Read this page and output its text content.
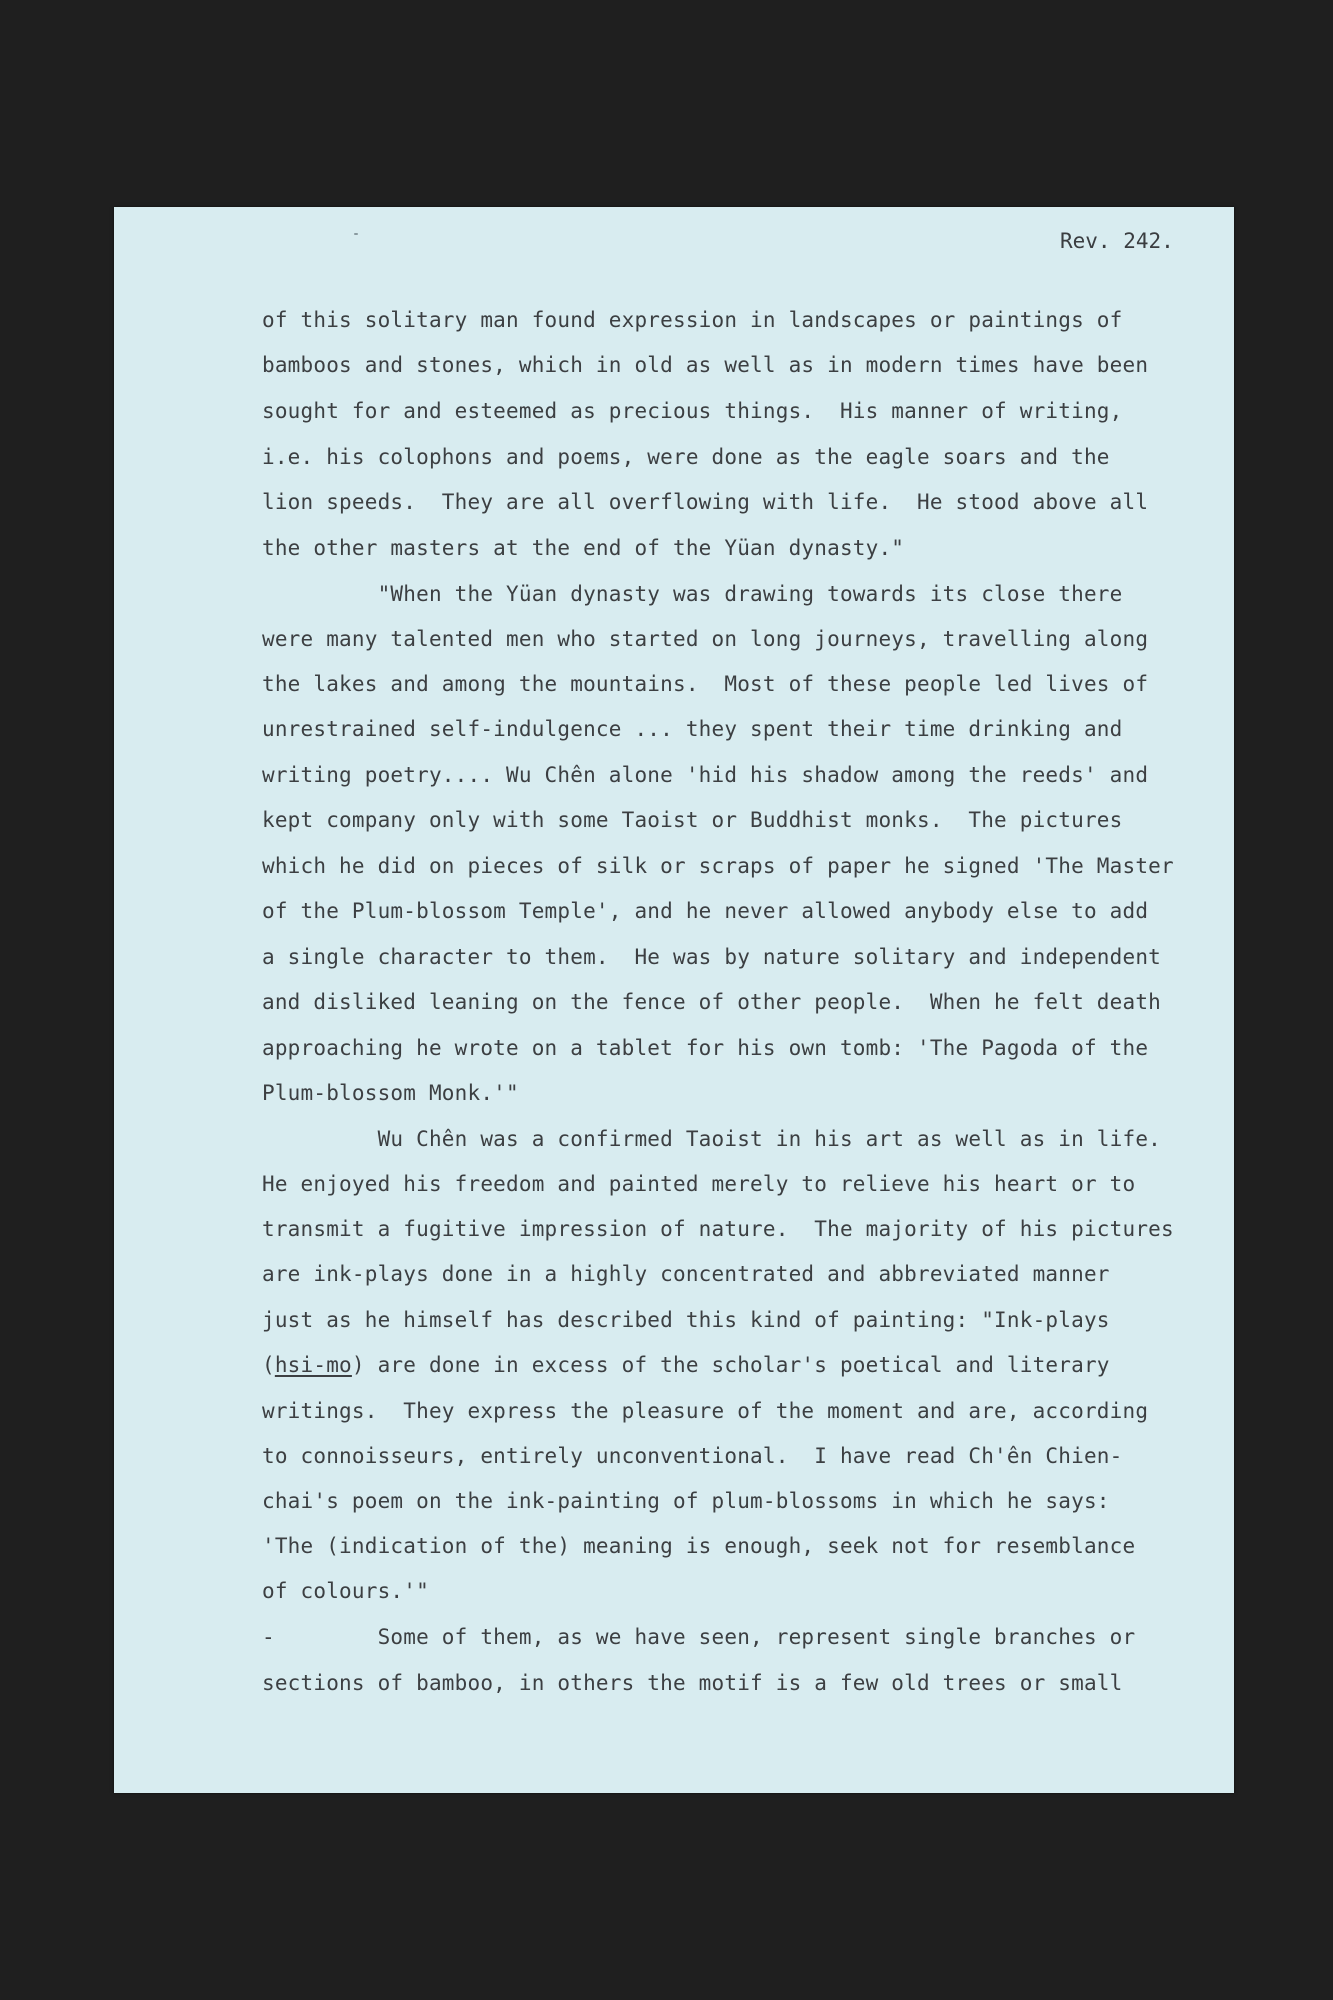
Rev. 242.
of this solitary man found expression in landscapes or paintings of
bamboos and stones, which in old as well as in modern times have been
sought for and esteemed as precious things.  His manner of writing,
i.e. his colophons and poems, were done as the eagle soars and the
lion speeds.  They are all overflowing with life.  He stood above all
the other masters at the end of the Yüan dynasty."
"When the Yüan dynasty was drawing towards its close there
were many talented men who started on long journeys, travelling along
the lakes and among the mountains.  Most of these people led lives of
unrestrained self-indulgence ... they spent their time drinking and
writing poetry.... Wu Chên alone 'hid his shadow among the reeds' and
kept company only with some Taoist or Buddhist monks.  The pictures
which he did on pieces of silk or scraps of paper he signed 'The Master
of the Plum-blossom Temple', and he never allowed anybody else to add
a single character to them.  He was by nature solitary and independent
and disliked leaning on the fence of other people.  When he felt death
approaching he wrote on a tablet for his own tomb: 'The Pagoda of the
Plum-blossom Monk.'"
Wu Chên was a confirmed Taoist in his art as well as in life.
He enjoyed his freedom and painted merely to relieve his heart or to
transmit a fugitive impression of nature.  The majority of his pictures
are ink-plays done in a highly concentrated and abbreviated manner
just as he himself has described this kind of painting: "Ink-plays
(hsi-mo) are done in excess of the scholar's poetical and literary
writings.  They express the pleasure of the moment and are, according
to connoisseurs, entirely unconventional.  I have read Ch'ên Chien-
chai's poem on the ink-painting of plum-blossoms in which he says:
'The (indication of the) meaning is enough, seek not for resemblance
of colours.'"
-        Some of them, as we have seen, represent single branches or
sections of bamboo, in others the motif is a few old trees or small
